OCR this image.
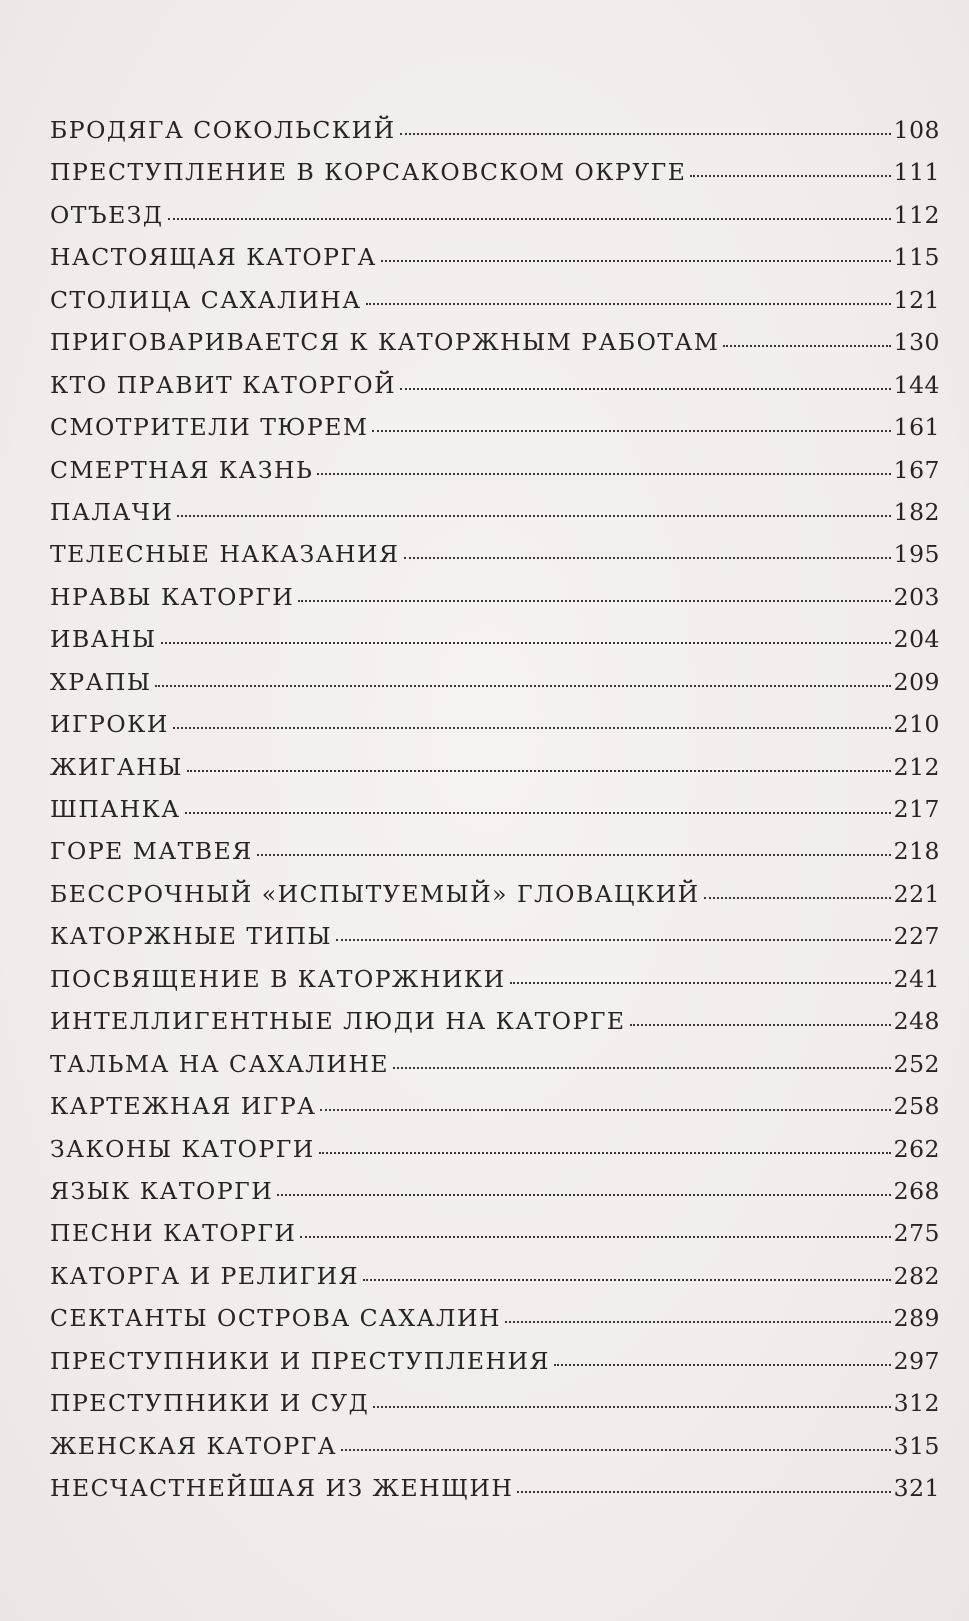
БРОДЯГА СОКОЛЬСКИЙ	108
ПРЕСТУПЛЕНИЕ В КОРСАКОВСКОМ ОКРУГЕ	111
ОТЪЕЗД	112
НАСТОЯЩАЯ КАТОРГА	115
СТОЛИЦА САХАЛИНА	121
ПРИГОВАРИВАЕТСЯ К КАТОРЖНЫМ РАБОТАМ	130
КТО ПРАВИТ КАТОРГОЙ	144
СМОТРИТЕЛИ ТЮРЕМ	161
СМЕРТНАЯ КАЗНЬ	167
ПАЛАЧИ	182
ТЕЛЕСНЫЕ НАКАЗАНИЯ	195
НРАВЫ КАТОРГИ	203
ИВАНЫ	204
ХРАПЫ	209
ИГРОКИ	210
ЖИГАНЫ	212
ШПАНКА	217
ГОРЕ МАТВЕЯ	218
БЕССРОЧНЫЙ «ИСПЫТУЕМЫЙ» ГЛОВАЦКИЙ	221
КАТОРЖНЫЕ ТИПЫ	227
ПОСВЯЩЕНИЕ В КАТОРЖНИКИ	241
ИНТЕЛЛИГЕНТНЫЕ ЛЮДИ НА КАТОРГЕ	248
ТАЛЬМА НА САХАЛИНЕ	252
КАРТЕЖНАЯ ИГРА	258
ЗАКОНЫ КАТОРГИ	262
ЯЗЫК КАТОРГИ	268
ПЕСНИ КАТОРГИ	275
КАТОРГА И РЕЛИГИЯ	282
СЕКТАНТЫ ОСТРОВА САХАЛИН	289
ПРЕСТУПНИКИ И ПРЕСТУПЛЕНИЯ	297
ПРЕСТУПНИКИ И СУД	312
ЖЕНСКАЯ КАТОРГА	315
НЕСЧАСТНЕЙШАЯ ИЗ ЖЕНЩИН	321
